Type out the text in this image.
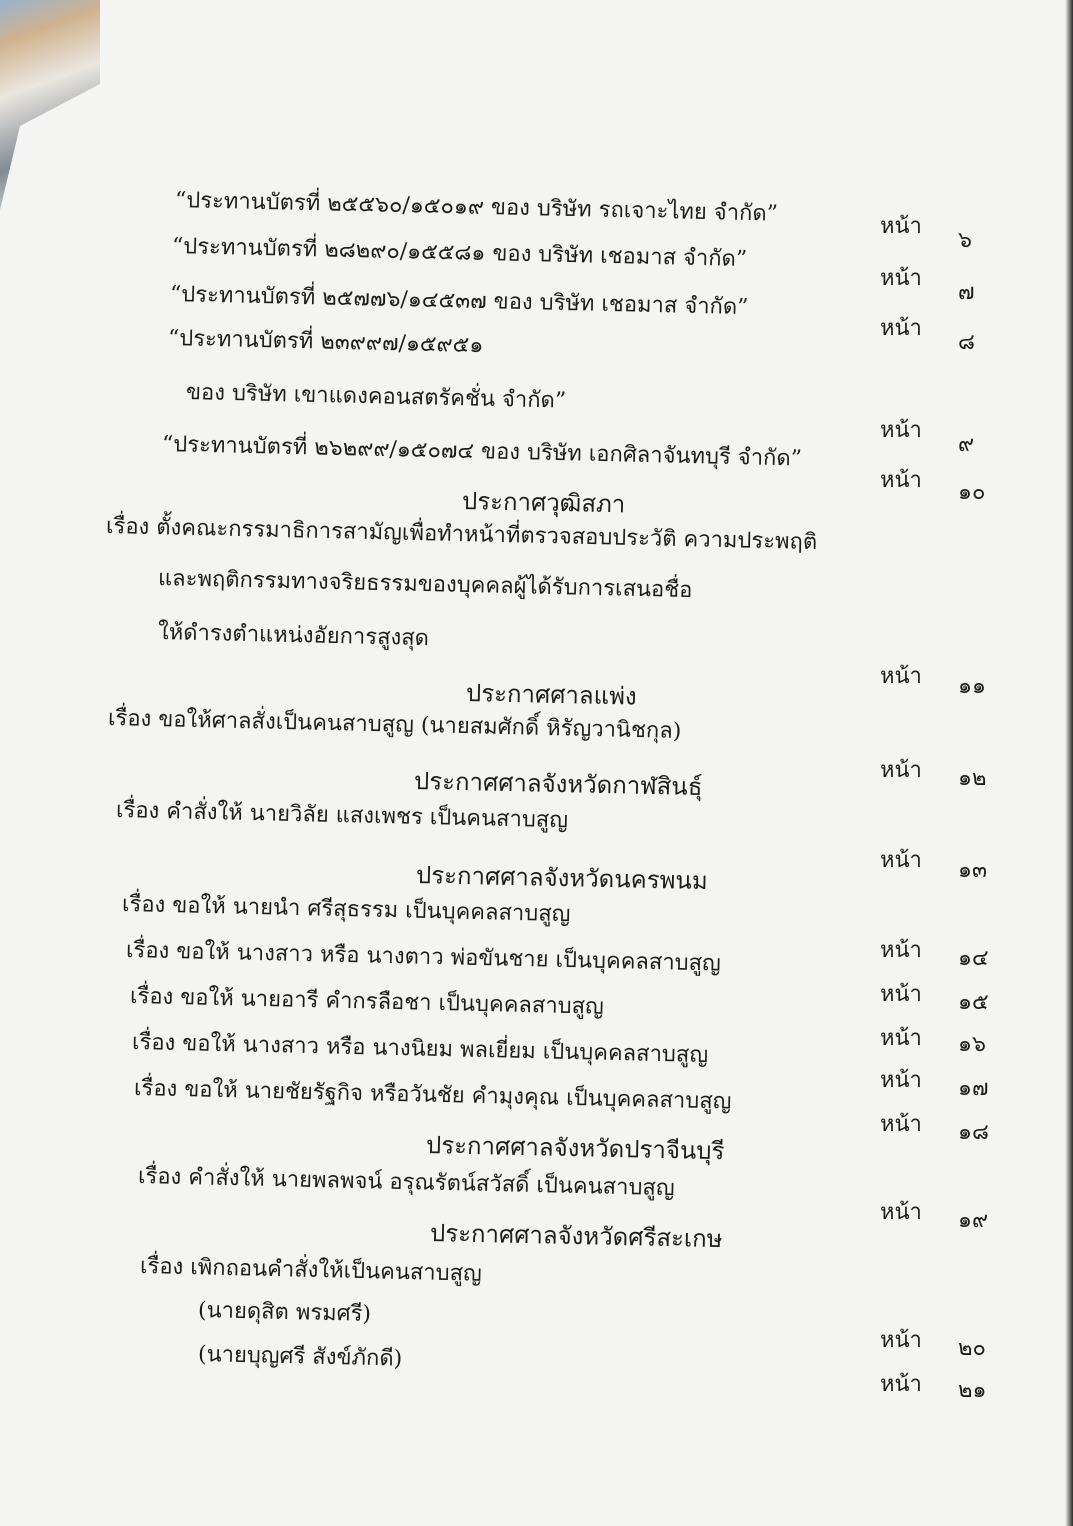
“ประทานบัตรที่ ๒๕๕๖๐/๑๕๐๑๙ ของ บริษัท รถเจาะไทย จำกัด”
“ประทานบัตรที่ ๒๘๒๙๐/๑๕๕๘๑ ของ บริษัท เชอมาส จำกัด”
“ประทานบัตรที่ ๒๕๗๗๖/๑๔๕๓๗ ของ บริษัท เชอมาส จำกัด”
“ประทานบัตรที่ ๒๓๙๙๗/๑๕๙๕๑
ของ บริษัท เขาแดงคอนสตรัคชั่น จำกัด”
“ประทานบัตรที่ ๒๖๒๙๙/๑๕๐๗๔ ของ บริษัท เอกศิลาจันทบุรี จำกัด”
ประกาศวุฒิสภา
เรื่อง ตั้งคณะกรรมาธิการสามัญเพื่อทำหน้าที่ตรวจสอบประวัติ ความประพฤติ
และพฤติกรรมทางจริยธรรมของบุคคลผู้ได้รับการเสนอชื่อ
ให้ดำรงตำแหน่งอัยการสูงสุด
ประกาศศาลแพ่ง
เรื่อง ขอให้ศาลสั่งเป็นคนสาบสูญ (นายสมศักดิ์ หิรัญวานิชกุล)
ประกาศศาลจังหวัดกาฬสินธุ์
เรื่อง คำสั่งให้ นายวิลัย แสงเพชร เป็นคนสาบสูญ
ประกาศศาลจังหวัดนครพนม
เรื่อง ขอให้ นายนำ ศรีสุธรรม เป็นบุคคลสาบสูญ
เรื่อง ขอให้ นางสาว หรือ นางตาว พ่อขันชาย เป็นบุคคลสาบสูญ
เรื่อง ขอให้ นายอารี คำกรลือชา เป็นบุคคลสาบสูญ
เรื่อง ขอให้ นางสาว หรือ นางนิยม พลเยี่ยม เป็นบุคคลสาบสูญ
เรื่อง ขอให้ นายชัยรัฐกิจ หรือวันชัย คำมุงคุณ เป็นบุคคลสาบสูญ
ประกาศศาลจังหวัดปราจีนบุรี
เรื่อง คำสั่งให้ นายพลพจน์ อรุณรัตน์สวัสดิ์ เป็นคนสาบสูญ
ประกาศศาลจังหวัดศรีสะเกษ
เรื่อง เพิกถอนคำสั่งให้เป็นคนสาบสูญ
(นายดุสิต พรมศรี)
(นายบุญศรี สังข์ภักดี)
หน้า
๖
หน้า
๗
หน้า
๘
หน้า
๙
หน้า ๑๐
หน้า ๑๑
หน้า ๑๒
หน้า ๑๓
หน้า ๑๔
หน้า ๑๕
หน้า ๑๖
หน้า ๑๗
หน้า ๑๘
หน้า ๑๙
หน้า ๒๐
หน้า ๒๑
